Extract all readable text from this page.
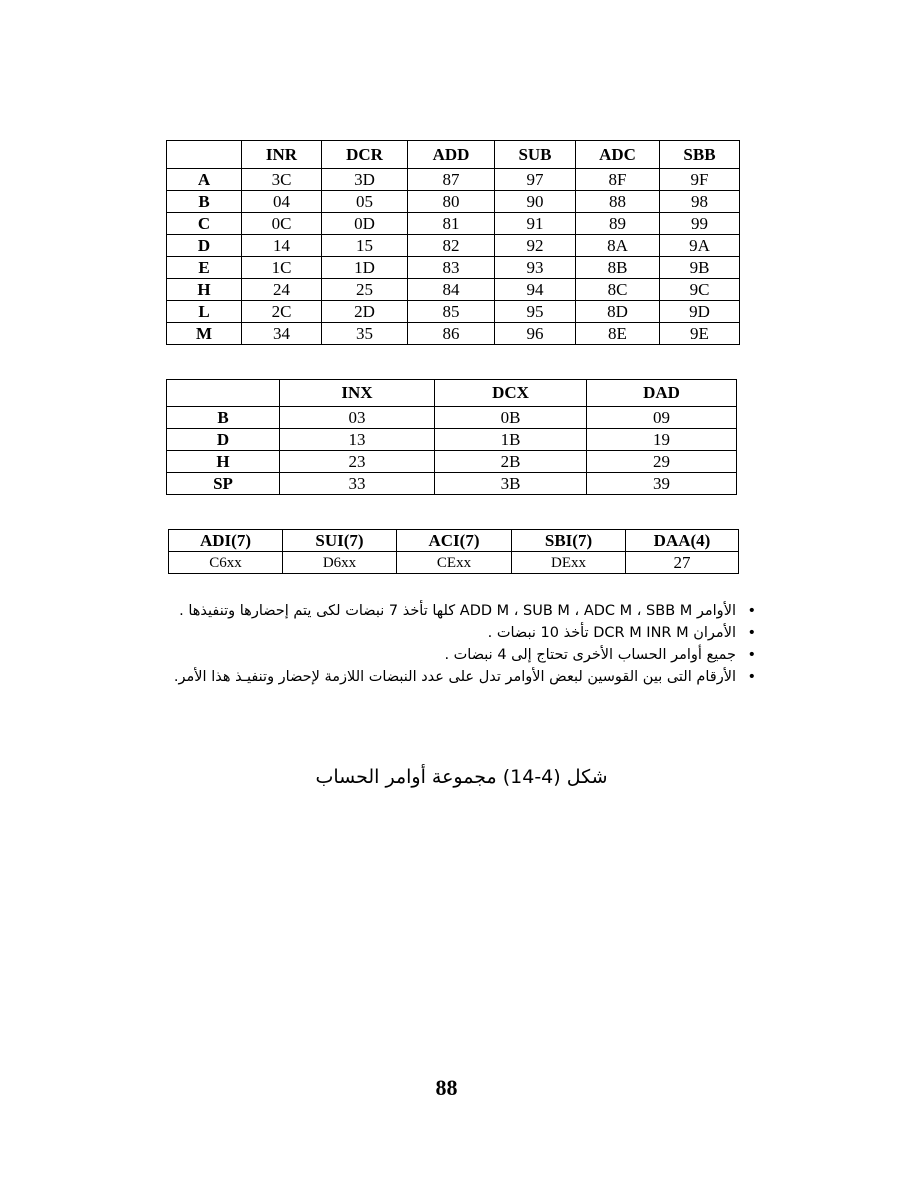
	INR	DCR	ADD	SUB	ADC	SBB
A	3C	3D	87	97	8F	9F
B	04	05	80	90	88	98
C	0C	0D	81	91	89	99
D	14	15	82	92	8A	9A
E	1C	1D	83	93	8B	9B
H	24	25	84	94	8C	9C
L	2C	2D	85	95	8D	9D
M	34	35	86	96	8E	9E
	INX	DCX	DAD
B	03	0B	09
D	13	1B	19
H	23	2B	29
SP	33	3B	39
ADI(7)	SUI(7)	ACI(7)	SBI(7)	DAA(4)
C6xx	D6xx	CExx	DExx	27
•
الأوامر ADD M ، SUB M ، ADC M ، SBB M كلها تأخذ 7 نبضات لكى يتم إحضارها وتنفيذها .
•
الأمران DCR M INR M تأخذ 10 نبضات .
•
جميع أوامر الحساب الأخرى تحتاج إلى 4 نبضات .
•
الأرقام التى بين القوسين لبعض الأوامر تدل على عدد النبضات اللازمة لإحضار وتنفيـذ هذا الأمر.
شكل (4-14) مجموعة أوامر الحساب
88
